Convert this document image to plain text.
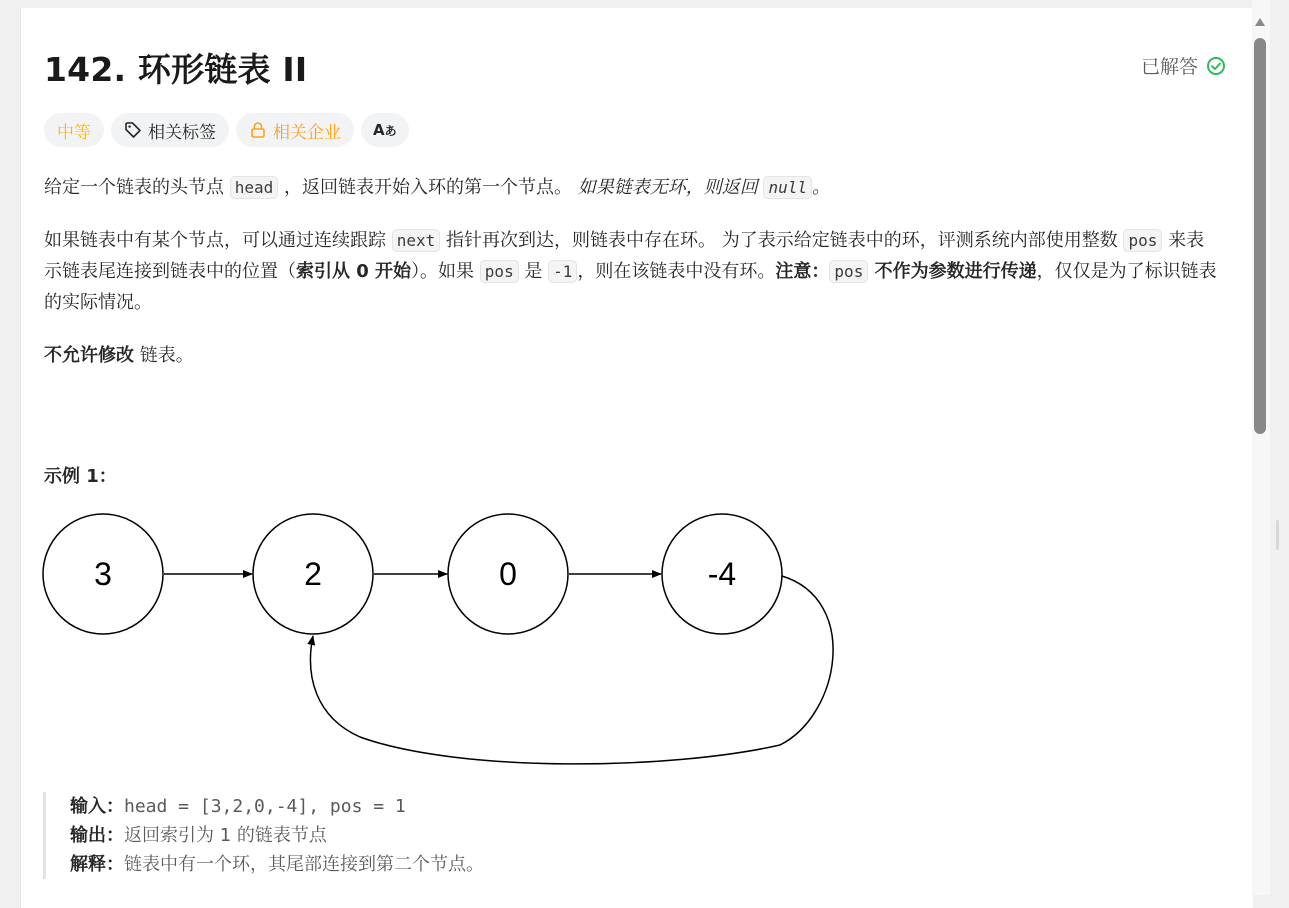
142. 环形链表 II	已解答
中等	相关标签	相关企业 Aあ

给定一个链表的头节点 head ，返回链表开始入环的第一个节点。 如果链表无环，则返回 null 。

如果链表中有某个节点，可以通过连续跟踪 next 指针再次到达，则链表中存在环。 为了表示给定链表中的环，评测系统内部使用整数 pos 来表示链表尾连接到链表中的位置（索引从 0 开始）。如果 pos 是 -1 ，则在该链表中没有环。注意： pos 不作为参数进行传递，仅仅是为了标识链表的实际情况。

不允许修改 链表。

示例 1：
3	2	0	-4
输入：head = [3,2,0,-4], pos = 1
输出：返回索引为 1 的链表节点
解释：链表中有一个环，其尾部连接到第二个节点。
